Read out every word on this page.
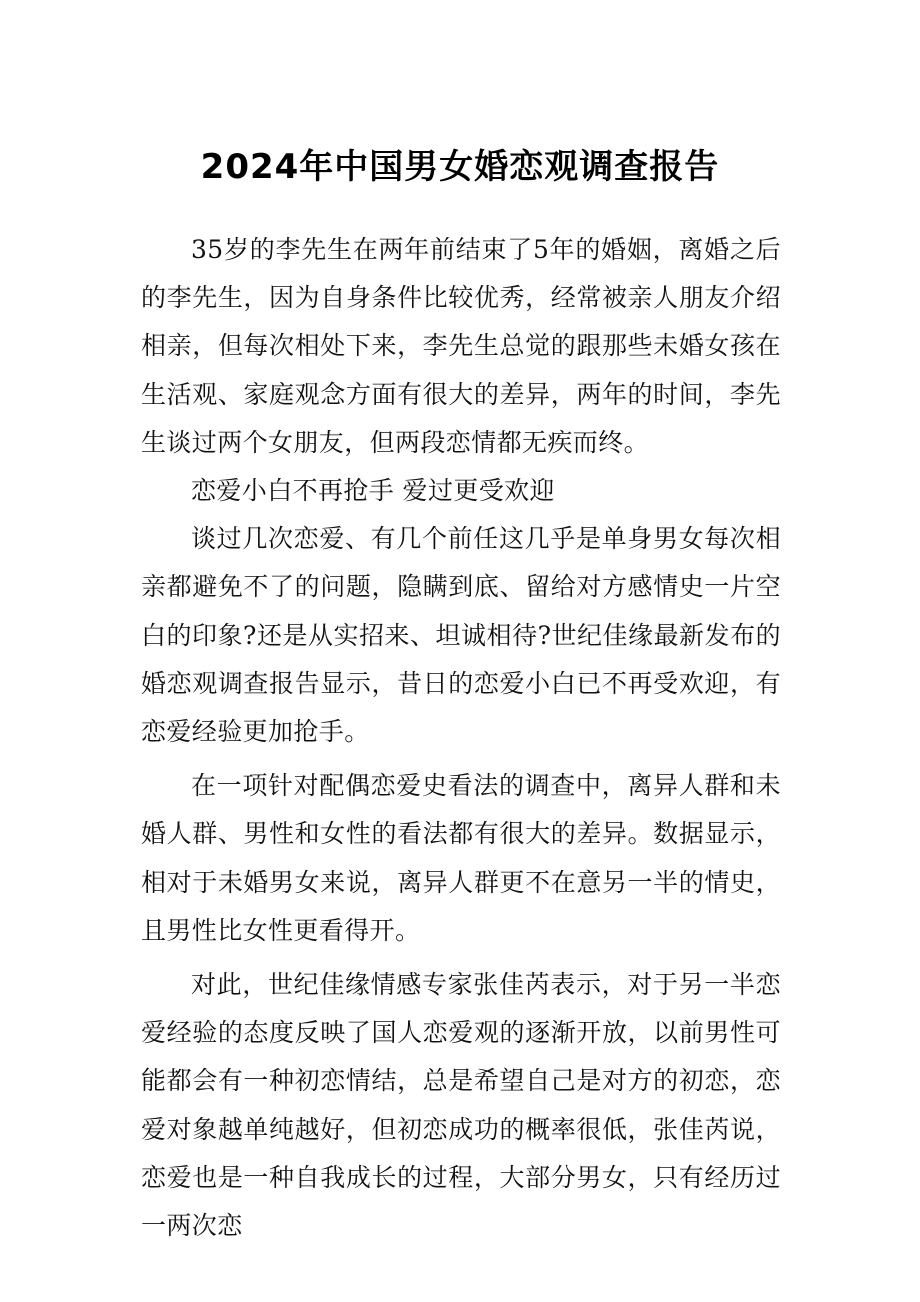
2024年中国男女婚恋观调查报告

35岁的李先生在两年前结束了5年的婚姻，离婚之后的李先生，因为自身条件比较优秀，经常被亲人朋友介绍相亲，但每次相处下来，李先生总觉的跟那些未婚女孩在生活观、家庭观念方面有很大的差异，两年的时间，李先生谈过两个女朋友，但两段恋情都无疾而终。

恋爱小白不再抢手 爱过更受欢迎

谈过几次恋爱、有几个前任这几乎是单身男女每次相亲都避免不了的问题，隐瞒到底、留给对方感情史一片空白的印象?还是从实招来、坦诚相待?世纪佳缘最新发布的婚恋观调查报告显示，昔日的恋爱小白已不再受欢迎，有恋爱经验更加抢手。

在一项针对配偶恋爱史看法的调查中，离异人群和未婚人群、男性和女性的看法都有很大的差异。数据显示，相对于未婚男女来说，离异人群更不在意另一半的情史，且男性比女性更看得开。

对此，世纪佳缘情感专家张佳芮表示，对于另一半恋爱经验的态度反映了国人恋爱观的逐渐开放，以前男性可能都会有一种初恋情结，总是希望自己是对方的初恋，恋爱对象越单纯越好，但初恋成功的概率很低，张佳芮说，恋爱也是一种自我成长的过程，大部分男女，只有经历过一两次恋
